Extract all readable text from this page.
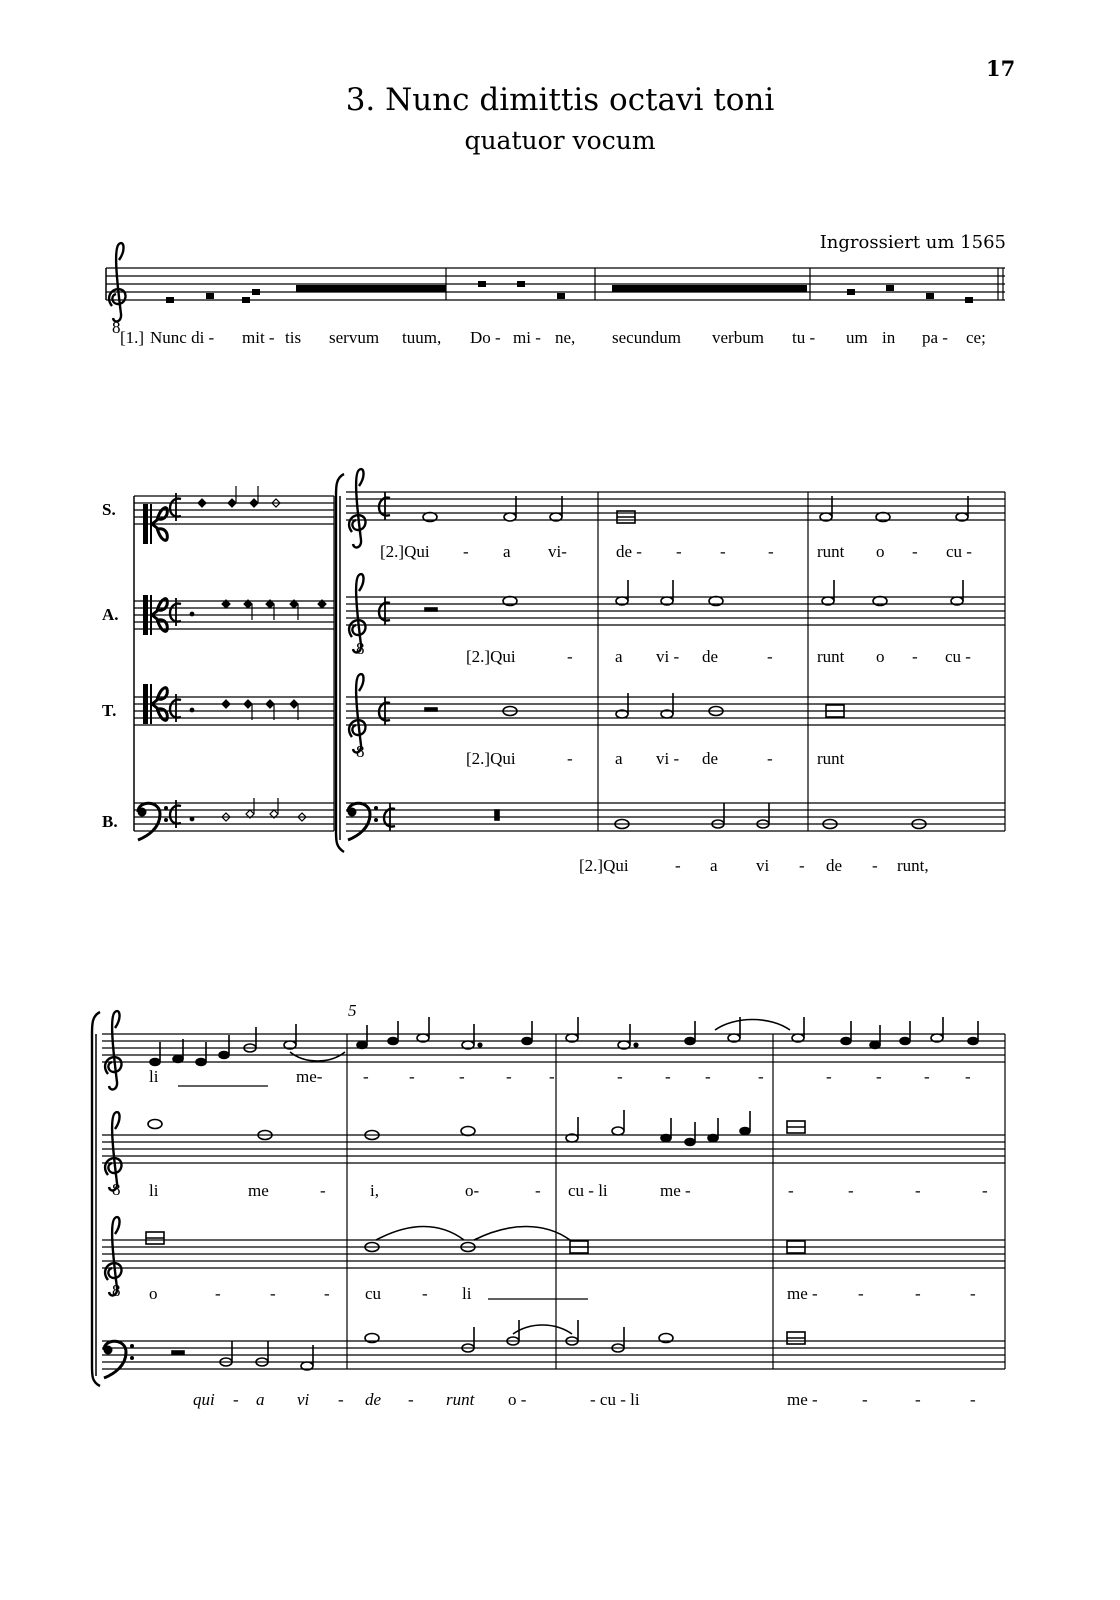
17
3. Nunc dimittis octavi toni
quatuor vocum
Ingrossiert um 1565
8
[1.] Nunc di - mit - tis servum tuum, Do - mi - ne, secundum verbum tu - um in pa - ce;
S.
A.
T.
B.
8
8
[2.]Qui - a vi-	de - - - -	runt o - cu -
[2.]Qui	- a vi - de	-	runt o - cu -
[2.]Qui	- a vi - de	-	runt
[2.]Qui	- a vi - de - runt,
8
8
5
li	me- - -	- - -	- - -	-	-	- - -
li	me	-	i,	o-	- cu - li	me -	-	-	-	-
o	-	-	- cu - li	me - -	-	-
qui - a vi - de - runt o -	- cu - li	me -	-	-	-
